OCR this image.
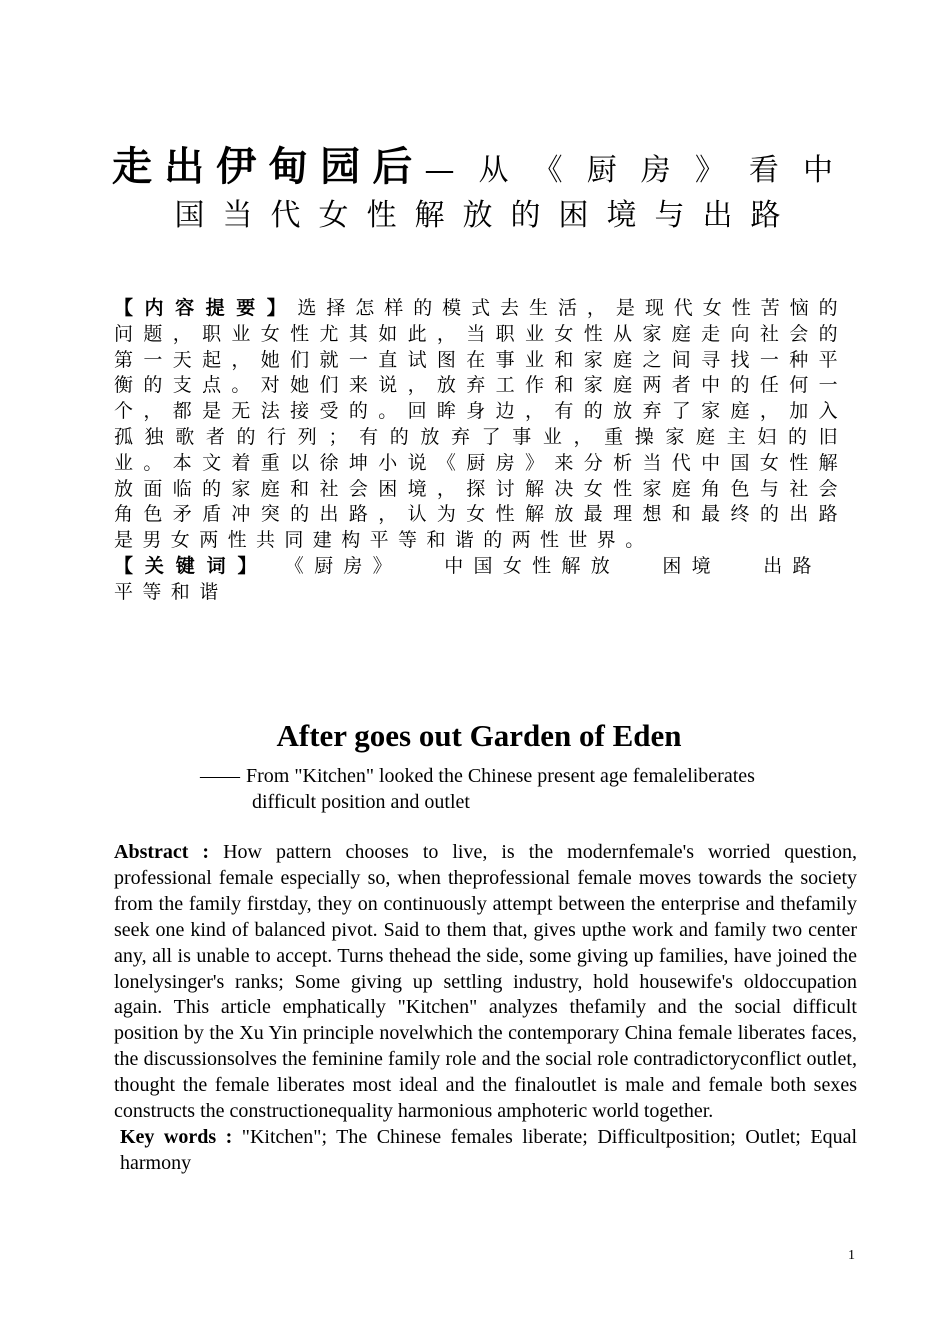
走出伊甸园后—从《厨房》看中
国当代女性解放的困境与出路
【内容提要】选择怎样的模式去生活，是现代女性苦恼的问题，职业女性尤其如此，当职业女性从家庭走向社会的第一天起，她们就一直试图在事业和家庭之间寻找一种平衡的支点。对她们来说，放弃工作和家庭两者中的任何一个，都是无法接受的。回眸身边，有的放弃了家庭，加入孤独歌者的行列；有的放弃了事业，重操家庭主妇的旧业。本文着重以徐坤小说《厨房》来分析当代中国女性解放面临的家庭和社会困境，探讨解决女性家庭角色与社会角色矛盾冲突的出路，认为女性解放最理想和最终的出路是男女两性共同建构平等和谐的两性世界。
【关键词】 《厨房》 中国女性解放 困境 出路 平等和谐
After goes out Garden of Eden
—— From "Kitchen" looked the Chinese present age femaleliberates
difficult position and outlet
Abstract : How pattern chooses to live, is the modernfemale's worried question, professional female especially so, when theprofessional female moves towards the society from the family firstday, they on continuously attempt between the enterprise and thefamily seek one kind of balanced pivot. Said to them that, gives upthe work and family two center any, all is unable to accept. Turns thehead the side, some giving up families, have joined the lonelysinger's ranks; Some giving up settling industry, hold housewife's oldoccupation again. This article emphatically "Kitchen" analyzes thefamily and the social difficult position by the Xu Yin principle novelwhich the contemporary China female liberates faces, the discussionsolves the feminine family role and the social role contradictoryconflict outlet, thought the female liberates most ideal and the finaloutlet is male and female both sexes constructs the constructionequality harmonious amphoteric world together.
Key words : "Kitchen"; The Chinese females liberate; Difficultposition; Outlet; Equal harmony
1
